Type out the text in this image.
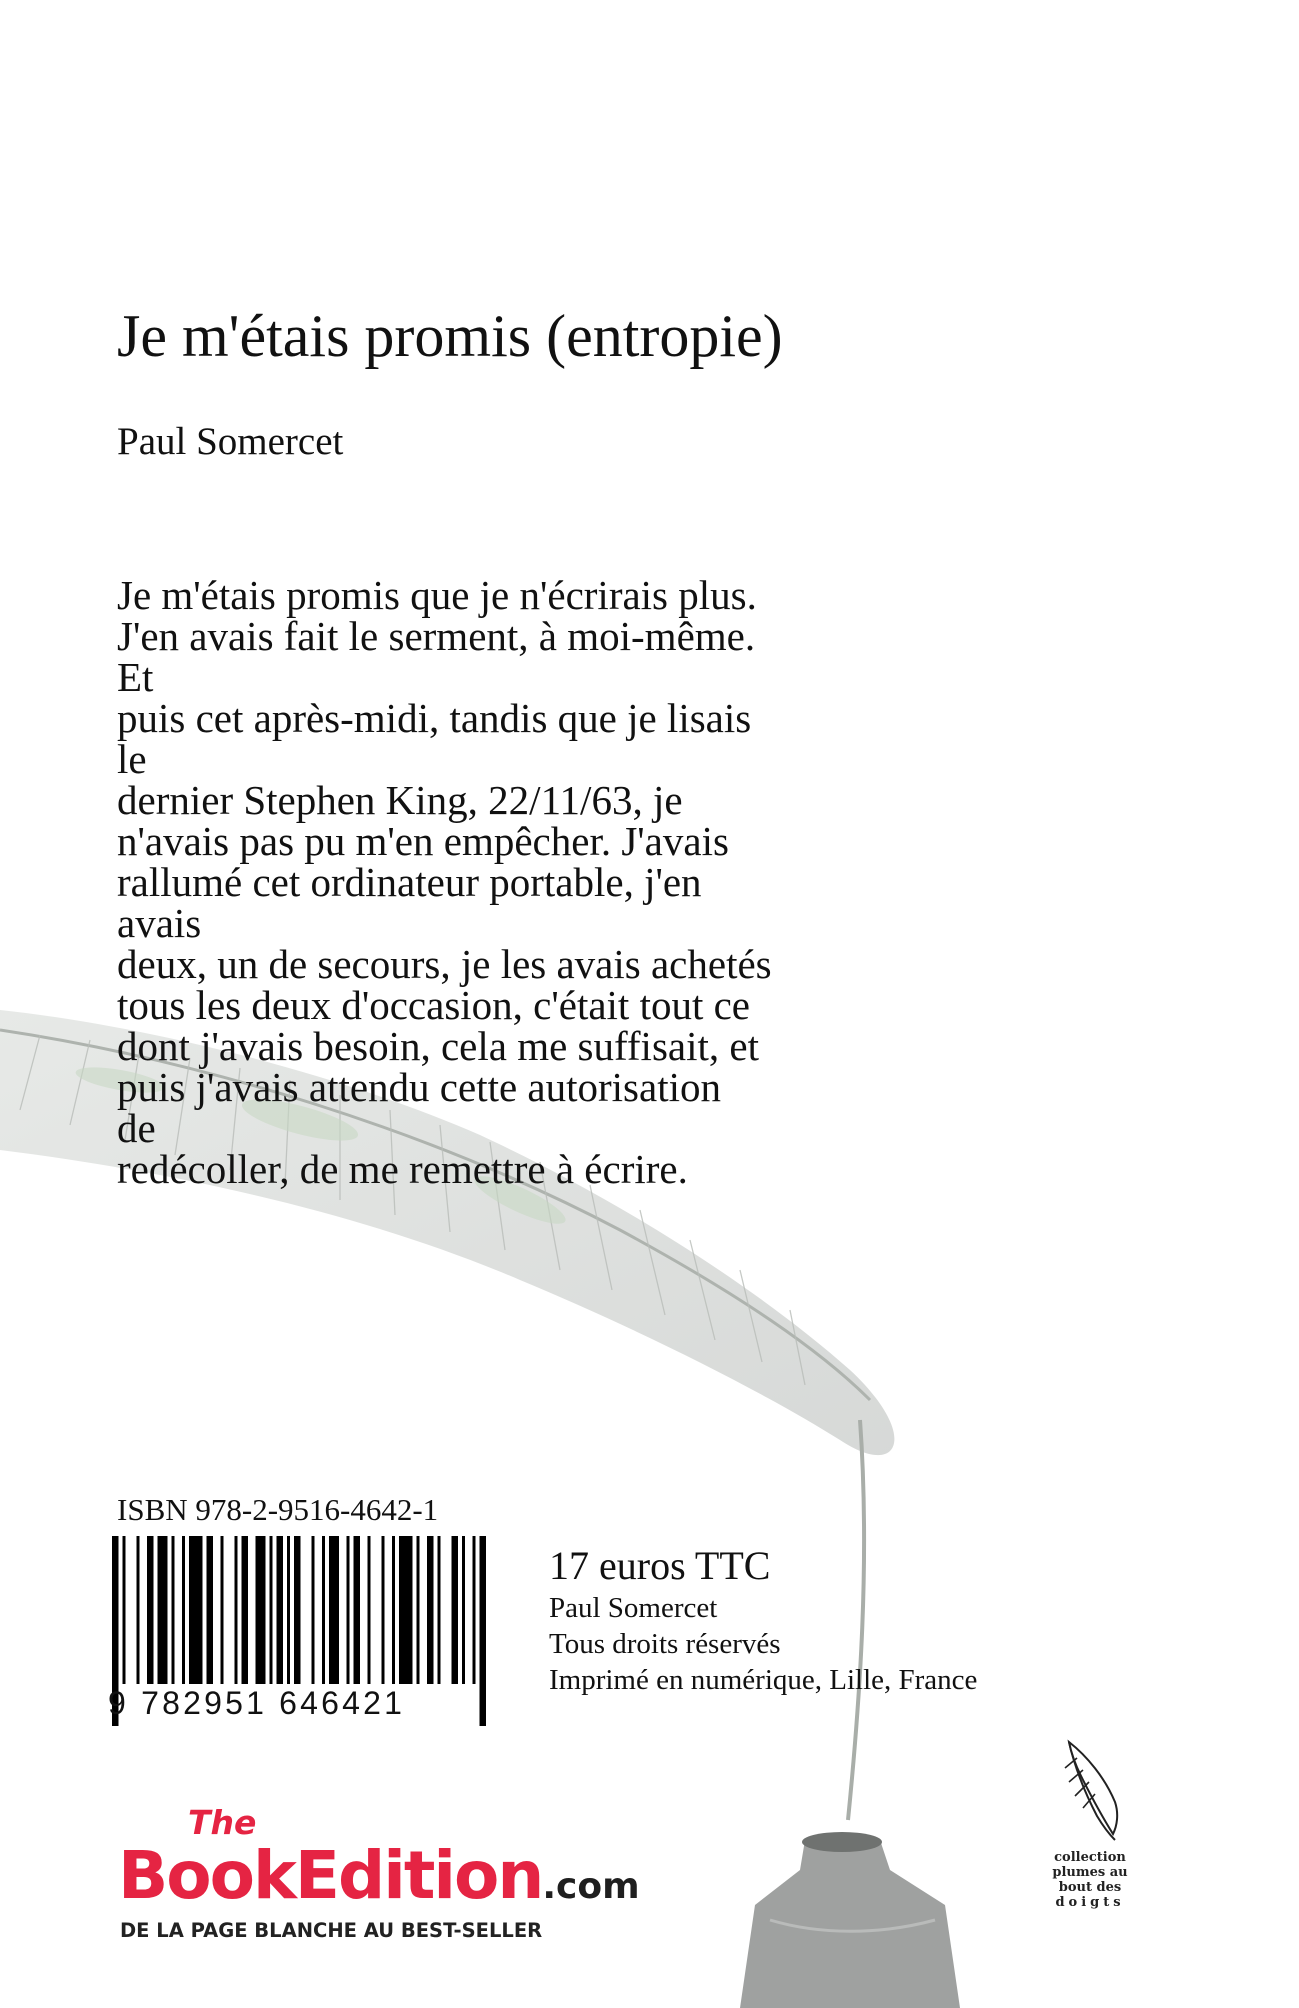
Je m'étais promis (entropie)
Paul Somercet
Je m'étais promis que je n'écrirais plus.
J'en avais fait le serment, à moi-même.
Et
puis cet après-midi, tandis que je lisais
le
dernier Stephen King, 22/11/63, je
n'avais pas pu m'en empêcher. J'avais
rallumé cet ordinateur portable, j'en
avais
deux, un de secours, je les avais achetés
tous les deux d'occasion, c'était tout ce
dont j'avais besoin, cela me suffisait, et
puis j'avais attendu cette autorisation
de
redécoller, de me remettre à écrire.
ISBN 978-2-9516-4642-1
9 782951 646421
17 euros TTC
Paul Somercet
Tous droits réservés
Imprimé en numérique, Lille, France
The
BookEdition.com
DE LA PAGE BLANCHE AU BEST-SELLER
collection
plumes au
bout des
doigts
